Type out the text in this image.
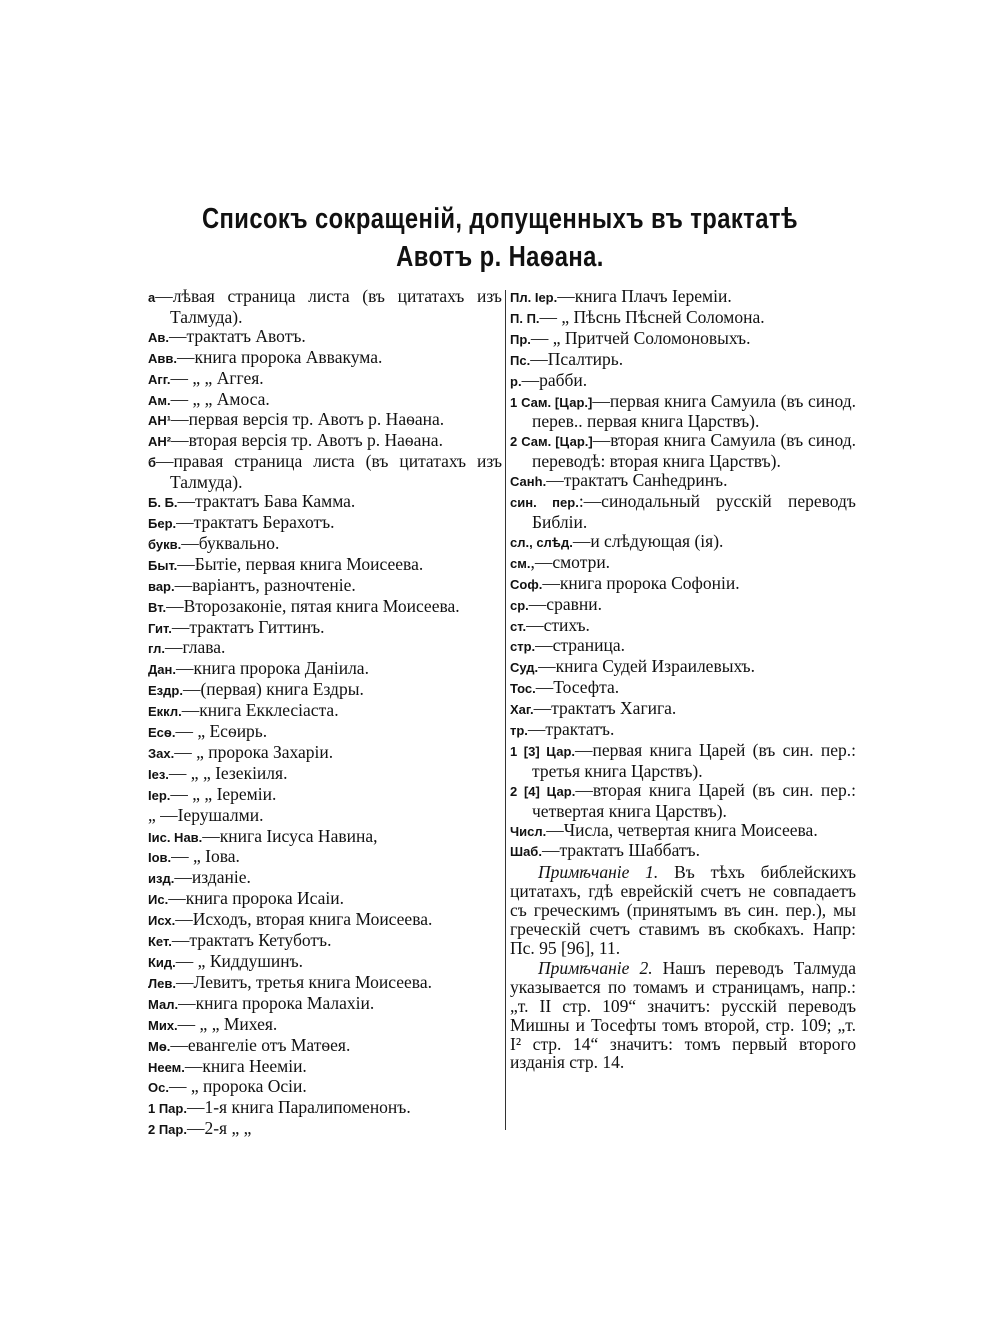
Списокъ сокращеній, допущенныхъ въ трактатѣ
Авотъ р. Наѳана.
а—лѣвая страница листа (въ цитатахъ изъ Талмуда).
Ав.—трактатъ Авотъ.
Авв.—книга пророка Аввакума.
Агг.— „ „ Аггея.
Ам.— „ „ Амоса.
АН¹—первая версія тр. Авотъ р. Наѳана.
АН²—вторая версія тр. Авотъ р. Наѳана.
б—правая страница листа (въ цитатахъ изъ Талмуда).
Б. Б.—трактатъ Бава Камма.
Бер.—трактатъ Берахотъ.
букв.—буквально.
Быт.—Бытіе, первая книга Моисеева.
вар.—варіантъ, разночтеніе.
Вт.—Второзаконіе, пятая книга Моисеева.
Гит.—трактатъ Гиттинъ.
гл.—глава.
Дан.—книга пророка Даніила.
Ездр.—(первая) книга Ездры.
Еккл.—книга Екклесіаста.
Есѳ.— „ Есѳирь.
Зах.— „ пророка Захаріи.
Іез.— „ „ Іезекіиля.
Іер.— „ „ Іереміи.
„ —Іерушалми.
Іис. Нав.—книга Іисуса Навина,
Іов.— „ Іова.
изд.—изданіе.
Ис.—книга пророка Исаіи.
Исх.—Исходъ, вторая книга Моисеева.
Кет.—трактатъ Кетуботъ.
Кид.— „ Киддушинъ.
Лев.—Левитъ, третья книга Моисеева.
Мал.—книга пророка Малахіи.
Мих.— „ „ Михея.
Мѳ.—евангеліе отъ Матѳея.
Неем.—книга Нееміи.
Ос.— „ пророка Осіи.
1 Пар.—1-я книга Паралипоменонъ.
2 Пар.—2-я „ „
Пл. Іер.—книга Плачъ Іереміи.
П. П.— „ Пѣснь Пѣсней Соломона.
Пр.— „ Притчей Соломоновыхъ.
Пс.—Псалтирь.
р.—рабби.
1 Сам. [Цар.]—первая книга Самуила (въ синод. перев.. первая книга Царствъ).
2 Сам. [Цар.]—вторая книга Самуила (въ синод. переводѣ: вторая книга Царствъ).
Санh.—трактатъ Санhедринъ.
син. пер.:—синодальный русскій переводъ Библіи.
сл., слѣд.—и слѣдующая (ія).
см.,—смотри.
Соф.—книга пророка Софоніи.
ср.—сравни.
ст.—стихъ.
стр.—страница.
Суд.—книга Судей Израилевыхъ.
Тос.—Тосефта.
Хаг.—трактатъ Хагига.
тр.—трактатъ.
1 [3] Цар.—первая книга Царей (въ син. пер.: третья книга Царствъ).
2 [4] Цар.—вторая книга Царей (въ син. пер.: четвертая книга Царствъ).
Числ.—Числа, четвертая книга Моисеева.
Шаб.—трактатъ Шаббатъ.
Примѣчаніе 1. Въ тѣхъ библейскихъ цитатахъ, гдѣ еврейскій счетъ не совпадаетъ съ греческимъ (принятымъ въ син. пер.), мы греческій счетъ ставимъ въ скобкахъ. Напр: Пс. 95 [96], 11.
Примѣчаніе 2. Нашъ переводъ Талмуда указывается по томамъ и страницамъ, напр.: „т. II стр. 109“ значитъ: русскій переводъ Мишны и Тосефты томъ второй, стр. 109; „т. I² стр. 14“ значитъ: томъ первый второго изданія стр. 14.
